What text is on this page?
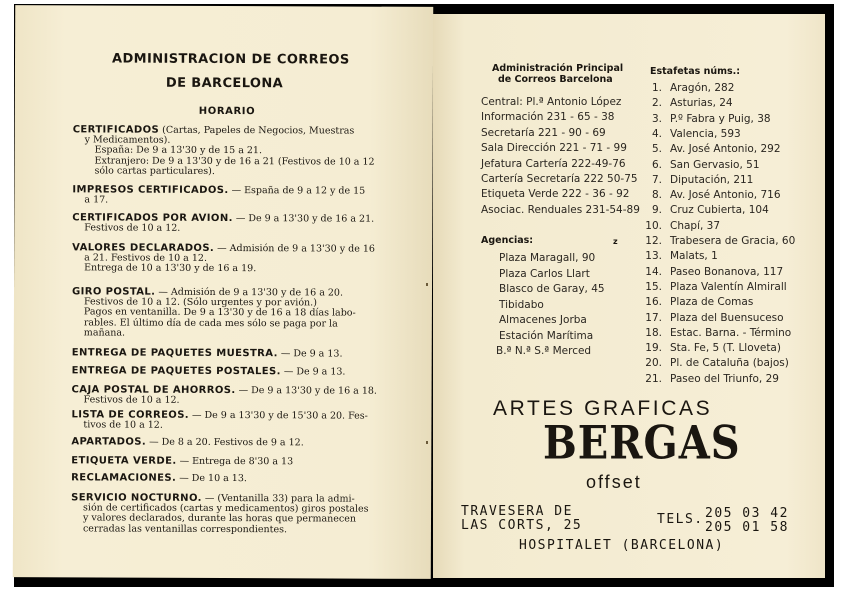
ADMINISTRACION DE CORREOS
DE BARCELONA
HORARIO
CERTIFICADOS (Cartas, Papeles de Negocios, Muestras
y Medicamentos).
España: De 9 a 13'30 y de 15 a 21.
Extranjero: De 9 a 13'30 y de 16 a 21 (Festivos de 10 a 12
sólo cartas particulares).
IMPRESOS CERTIFICADOS. — España de 9 a 12 y de 15
a 17.
CERTIFICADOS POR AVION. — De 9 a 13'30 y de 16 a 21.
Festivos de 10 a 12.
VALORES DECLARADOS. — Admisión de 9 a 13'30 y de 16
a 21. Festivos de 10 a 12.
Entrega de 10 a 13'30 y de 16 a 19.
GIRO POSTAL. — Admisión de 9 a 13'30 y de 16 a 20.
Festivos de 10 a 12. (Sólo urgentes y por avión.)
Pagos en ventanilla. De 9 a 13'30 y de 16 a 18 días labo-
rables. El último día de cada mes sólo se paga por la
mañana.
ENTREGA DE PAQUETES MUESTRA. — De 9 a 13.
ENTREGA DE PAQUETES POSTALES. — De 9 a 13.
CAJA POSTAL DE AHORROS. — De 9 a 13'30 y de 16 a 18.
Festivos de 10 a 12.
LISTA DE CORREOS. — De 9 a 13'30 y de 15'30 a 20. Fes-
tivos de 10 a 12.
APARTADOS. — De 8 a 20. Festivos de 9 a 12.
ETIQUETA VERDE. — Entrega de 8'30 a 13
RECLAMACIONES. — De 10 a 13.
SERVICIO NOCTURNO. — (Ventanilla 33) para la admi-
sión de certificados (cartas y medicamentos) giros postales
y valores declarados, durante las horas que permanecen
cerradas las ventanillas correspondientes.
Administración Principal
de Correos Barcelona
Estafetas núms.:
Agencias:	z
ARTES GRAFICAS
BERGAS
offset
TRAVESERA DE
LAS CORTS, 25	TELS. 205 03 42
205 01 58
HOSPITALET (BARCELONA)
Central: Pl.ª Antonio López
Información 231 - 65 - 38
Secretaría 221 - 90 - 69
Sala Dirección 221 - 71 - 99
Jefatura Cartería 222-49-76
Cartería Secretaría 222 50-75
Etiqueta Verde 222 - 36 - 92
Asociac. Renduales 231-54-89
Plaza Maragall, 90
Plaza Carlos Llart
Blasco de Garay, 45
Tibidabo
Almacenes Jorba
Estación Marítima
B.ª N.ª S.ª Merced
1. Aragón, 282
2. Asturias, 24
3. P.º Fabra y Puig, 38
4. Valencia, 593
5. Av. José Antonio, 292
6. San Gervasio, 51
7. Diputación, 211
8. Av. José Antonio, 716
9. Cruz Cubierta, 104
10. Chapí, 37
12. Trabesera de Gracia, 60
13. Malats, 1
14. Paseo Bonanova, 117
15. Plaza Valentín Almirall
16. Plaza de Comas
17. Plaza del Buensuceso
18. Estac. Barna. - Término
19. Sta. Fe, 5 (T. Lloveta)
20. Pl. de Cataluña (bajos)
21. Paseo del Triunfo, 29
